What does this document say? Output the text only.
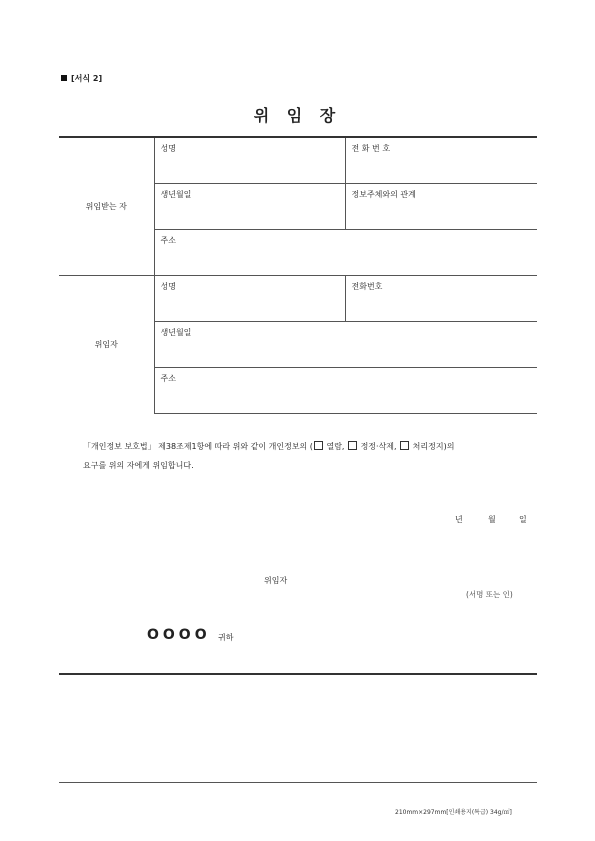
[서식 2]
위 임 장
위임받는 자	성명	전 화 번 호
	생년월일	정보주체와의 관계
	주소	
위임자	성명	전화번호
	생년월일	
	주소	

「개인정보 보호법」 제38조제1항에 따라 위와 같이 개인정보의 ( 열람,  정정·삭제,  처리정지)의

요구를 위의 자에게 위임합니다.

년	월	일
위임자
(서명 또는 인)
OOOO 귀하
210mm×297mm[인쇄용지(특급) 34g/㎡]
